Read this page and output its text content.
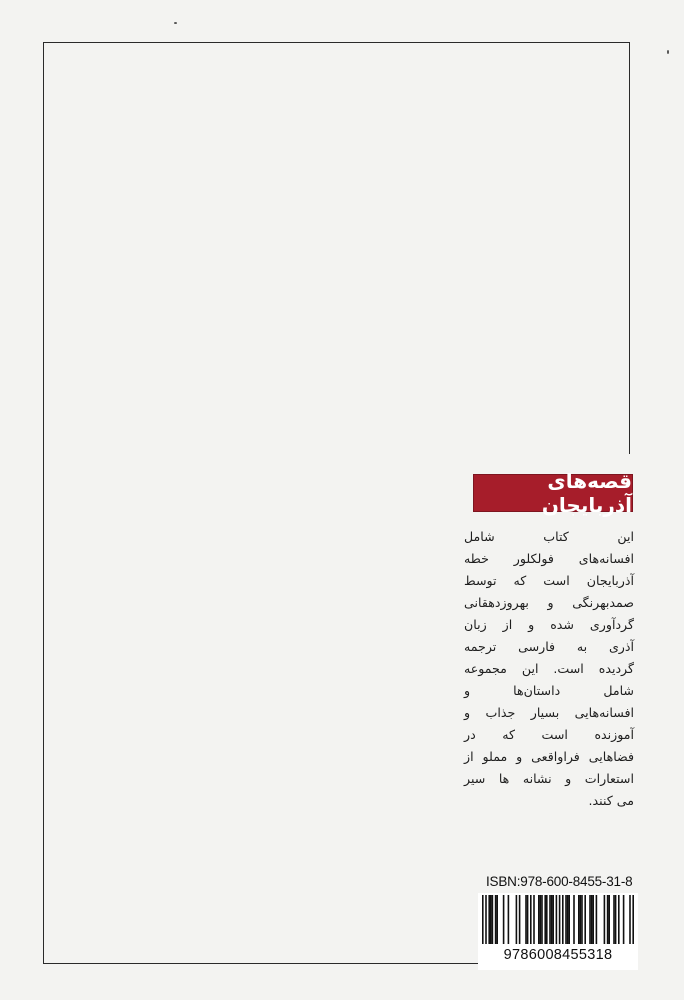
قصه‌های آذربایجان
این کتاب شامل
افسانه‌های فولکلور خطه
آذربایجان است که توسط
صمدبهرنگی و بهروزدهقانی
گردآوری شده و از زبان
آذری به فارسی ترجمه
گردیده است. این مجموعه
شامل داستان‌ها و
افسانه‌هایی بسیار جذاب و
آموزنده است که در
فضاهایی فراواقعی و مملو از
استعارات و نشانه ها سیر
می کنند.
ISBN:978-600-8455-31-8
9786008455318
